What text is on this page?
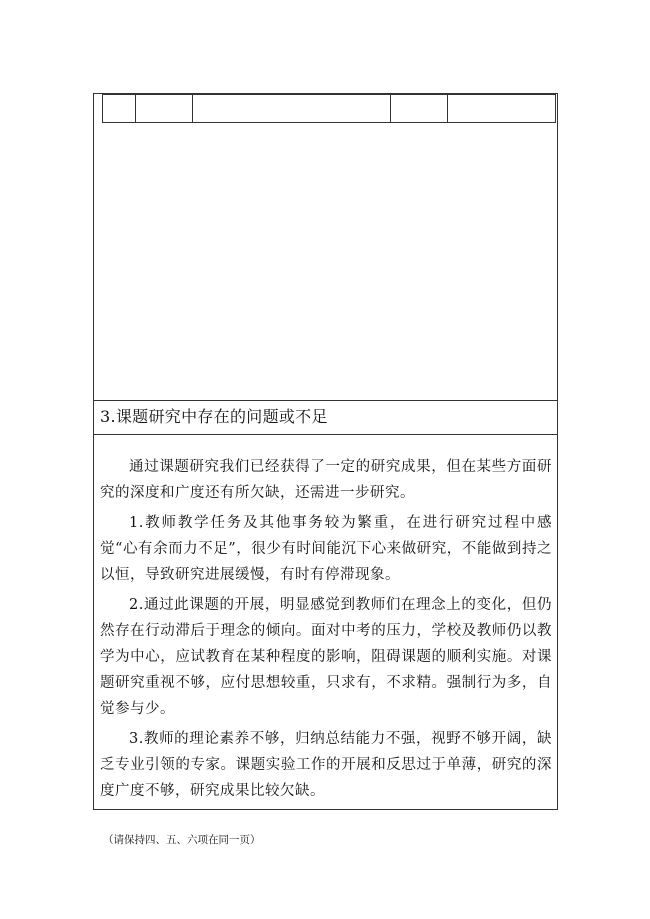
3.课题研究中存在的问题或不足

通过课题研究我们已经获得了一定的研究成果，但在某些方面研究的深度和广度还有所欠缺，还需进一步研究。

1.教师教学任务及其他事务较为繁重，在进行研究过程中感觉“心有余而力不足”，很少有时间能沉下心来做研究，不能做到持之以恒，导致研究进展缓慢，有时有停滞现象。

2.通过此课题的开展，明显感觉到教师们在理念上的变化，但仍然存在行动滞后于理念的倾向。面对中考的压力，学校及教师仍以教学为中心，应试教育在某种程度的影响，阻碍课题的顺利实施。对课题研究重视不够，应付思想较重，只求有，不求精。强制行为多，自觉参与少。

3.教师的理论素养不够，归纳总结能力不强，视野不够开阔，缺乏专业引领的专家。课题实验工作的开展和反思过于单薄，研究的深度广度不够，研究成果比较欠缺。

（请保持四、五、六项在同一页）
